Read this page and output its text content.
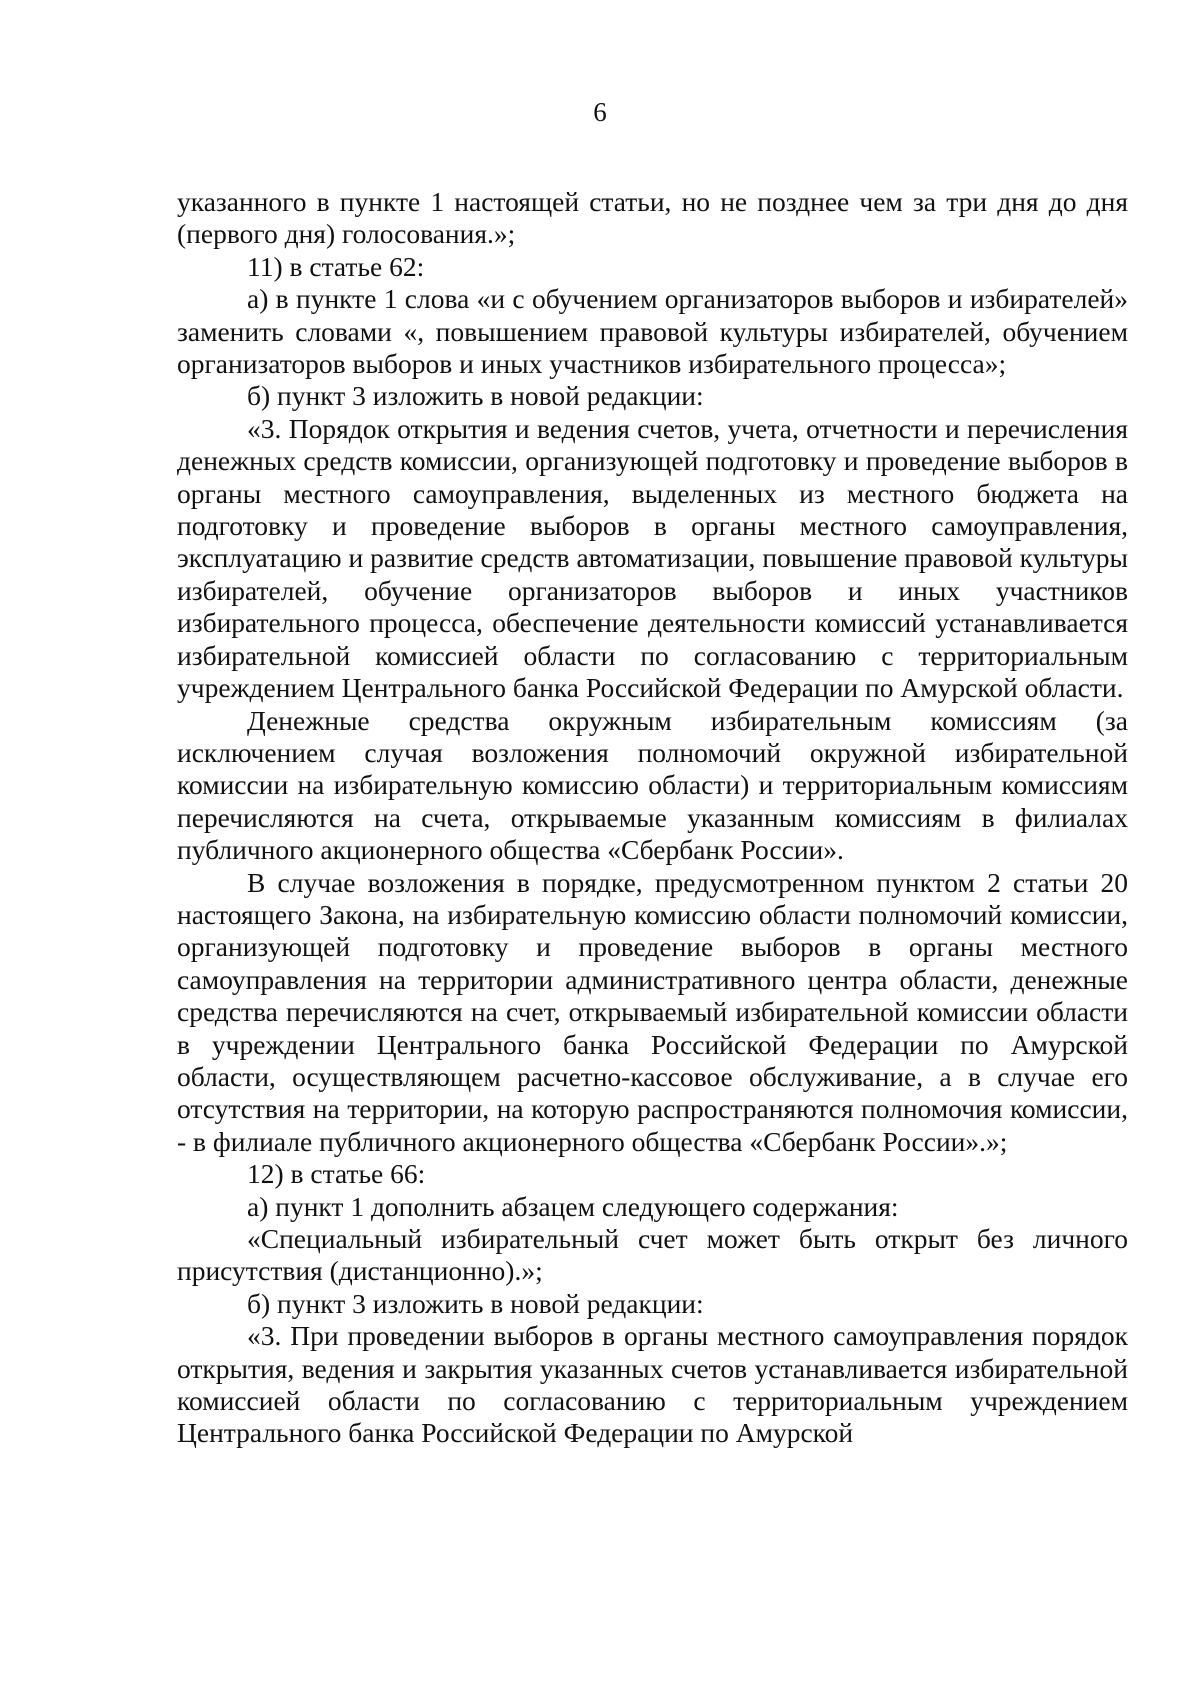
6

указанного в пункте 1 настоящей статьи, но не позднее чем за три дня до дня (первого дня) голосования.»;

11) в статье 62:

а) в пункте 1 слова «и с обучением организаторов выборов и избирателей» заменить словами «, повышением правовой культуры избирателей, обучением организаторов выборов и иных участников избирательного процесса»;

б) пункт 3 изложить в новой редакции:

«3. Порядок открытия и ведения счетов, учета, отчетности и перечисления денежных средств комиссии, организующей подготовку и проведение выборов в органы местного самоуправления, выделенных из местного бюджета на подготовку и проведение выборов в органы местного самоуправления, эксплуатацию и развитие средств автоматизации, повышение правовой культуры избирателей, обучение организаторов выборов и иных участников избирательного процесса, обеспечение деятельности комиссий устанавливается избирательной комиссией области по согласованию с территориальным учреждением Центрального банка Российской Федерации по Амурской области.

Денежные средства окружным избирательным комиссиям (за исключением случая возложения полномочий окружной избирательной комиссии на избирательную комиссию области) и территориальным комиссиям перечисляются на счета, открываемые указанным комиссиям в филиалах публичного акционерного общества «Сбербанк России».

В случае возложения в порядке, предусмотренном пунктом 2 статьи 20 настоящего Закона, на избирательную комиссию области полномочий комиссии, организующей подготовку и проведение выборов в органы местного самоуправления на территории административного центра области, денежные средства перечисляются на счет, открываемый избирательной комиссии области в учреждении Центрального банка Российской Федерации по Амурской области, осуществляющем расчетно-кассовое обслуживание, а в случае его отсутствия на территории, на которую распространяются полномочия комиссии, - в филиале публичного акционерного общества «Сбербанк России».»;

12) в статье 66:

а) пункт 1 дополнить абзацем следующего содержания:

«Специальный избирательный счет может быть открыт без личного присутствия (дистанционно).»;

б) пункт 3 изложить в новой редакции:

«3. При проведении выборов в органы местного самоуправления порядок открытия, ведения и закрытия указанных счетов устанавливается избирательной комиссией области по согласованию с территориальным учреждением Центрального банка Российской Федерации по Амурской
